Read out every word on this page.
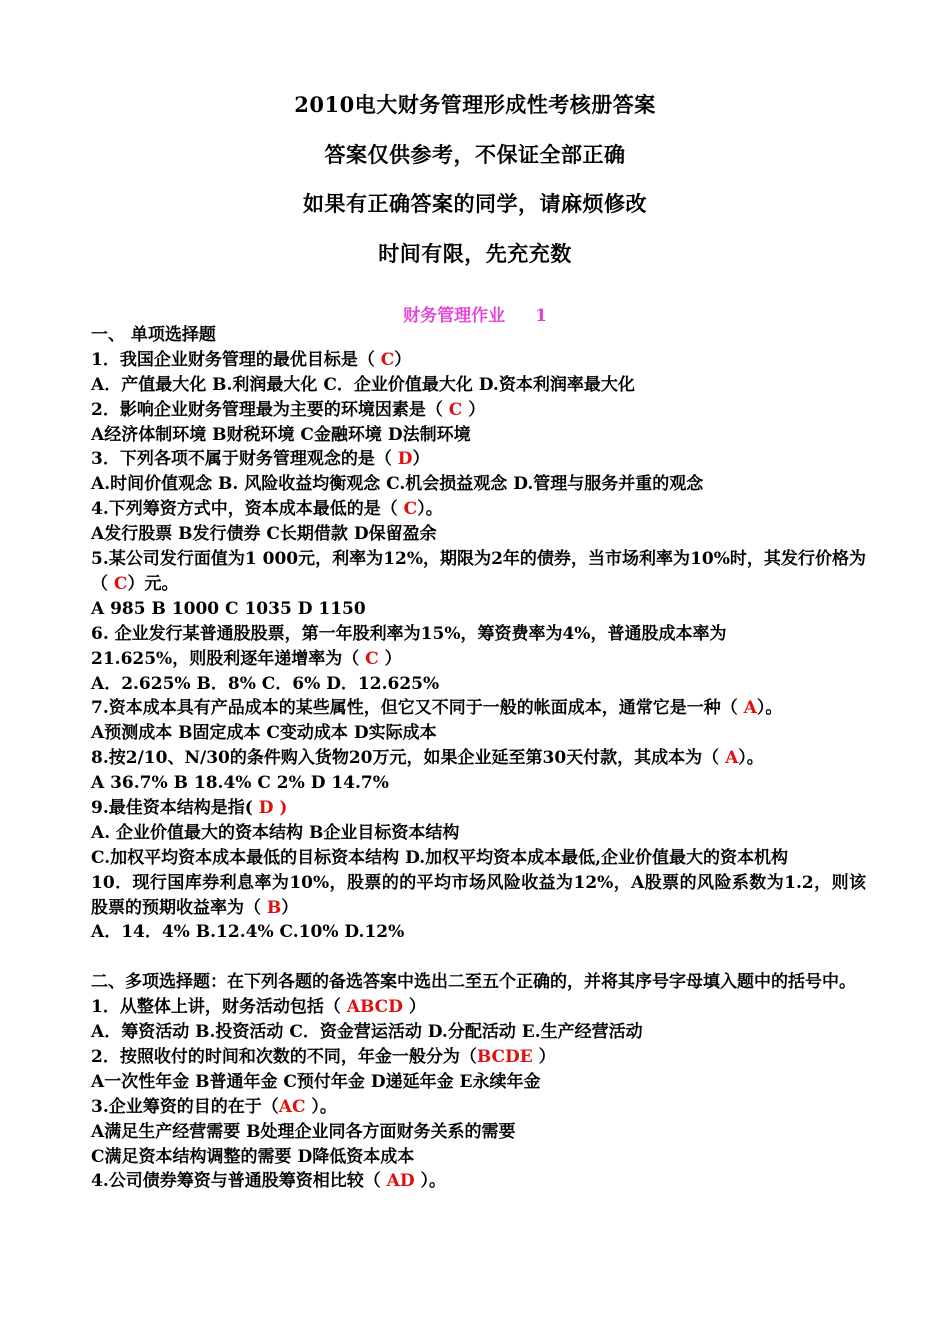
2010电大财务管理形成性考核册答案
答案仅供参考，不保证全部正确
如果有正确答案的同学，请麻烦修改
时间有限，先充充数
财务管理作业 1
一、 单项选择题
1．我国企业财务管理的最优目标是（ C）
A．产值最大化 B.利润最大化 C．企业价值最大化 D.资本利润率最大化
2．影响企业财务管理最为主要的环境因素是（ C ）
A经济体制环境 B财税环境 C金融环境 D法制环境
3．下列各项不属于财务管理观念的是（ D）
A.时间价值观念 B. 风险收益均衡观念 C.机会损益观念 D.管理与服务并重的观念
4.下列筹资方式中，资本成本最低的是（ C）。
A发行股票 B发行债券 C长期借款 D保留盈余
5.某公司发行面值为1 000元，利率为12%，期限为2年的债券，当市场利率为10%时，其发行价格为（ C）元。
A 985 B 1000 C 1035 D 1150
6. 企业发行某普通股股票，第一年股利率为15%，筹资费率为4%，普通股成本率为
21.625%，则股利逐年递增率为（ C ）
A．2.625% B．8% C．6% D．12.625%
7.资本成本具有产品成本的某些属性，但它又不同于一般的帐面成本，通常它是一种（ A）。
A预测成本 B固定成本 C变动成本 D实际成本
8.按2/10、N/30的条件购入货物20万元，如果企业延至第30天付款，其成本为（ A）。
A 36.7% B 18.4% C 2% D 14.7%
9.最佳资本结构是指( D )
A. 企业价值最大的资本结构 B企业目标资本结构
C.加权平均资本成本最低的目标资本结构 D.加权平均资本成本最低,企业价值最大的资本机构
10．现行国库券利息率为10%，股票的的平均市场风险收益为12%，A股票的风险系数为1.2，则该股票的预期收益率为（ B）
A．14．4% B.12.4% C.10% D.12%
二、多项选择题：在下列各题的备选答案中选出二至五个正确的，并将其序号字母填入题中的括号中。
1．从整体上讲，财务活动包括（ ABCD ）
A．筹资活动 B.投资活动 C．资金营运活动 D.分配活动 E.生产经营活动
2．按照收付的时间和次数的不同，年金一般分为（BCDE ）
A一次性年金 B普通年金 C预付年金 D递延年金 E永续年金
3.企业筹资的目的在于（AC ）。
A满足生产经营需要 B处理企业同各方面财务关系的需要
C满足资本结构调整的需要 D降低资本成本
4.公司债券筹资与普通股筹资相比较（ AD ）。
